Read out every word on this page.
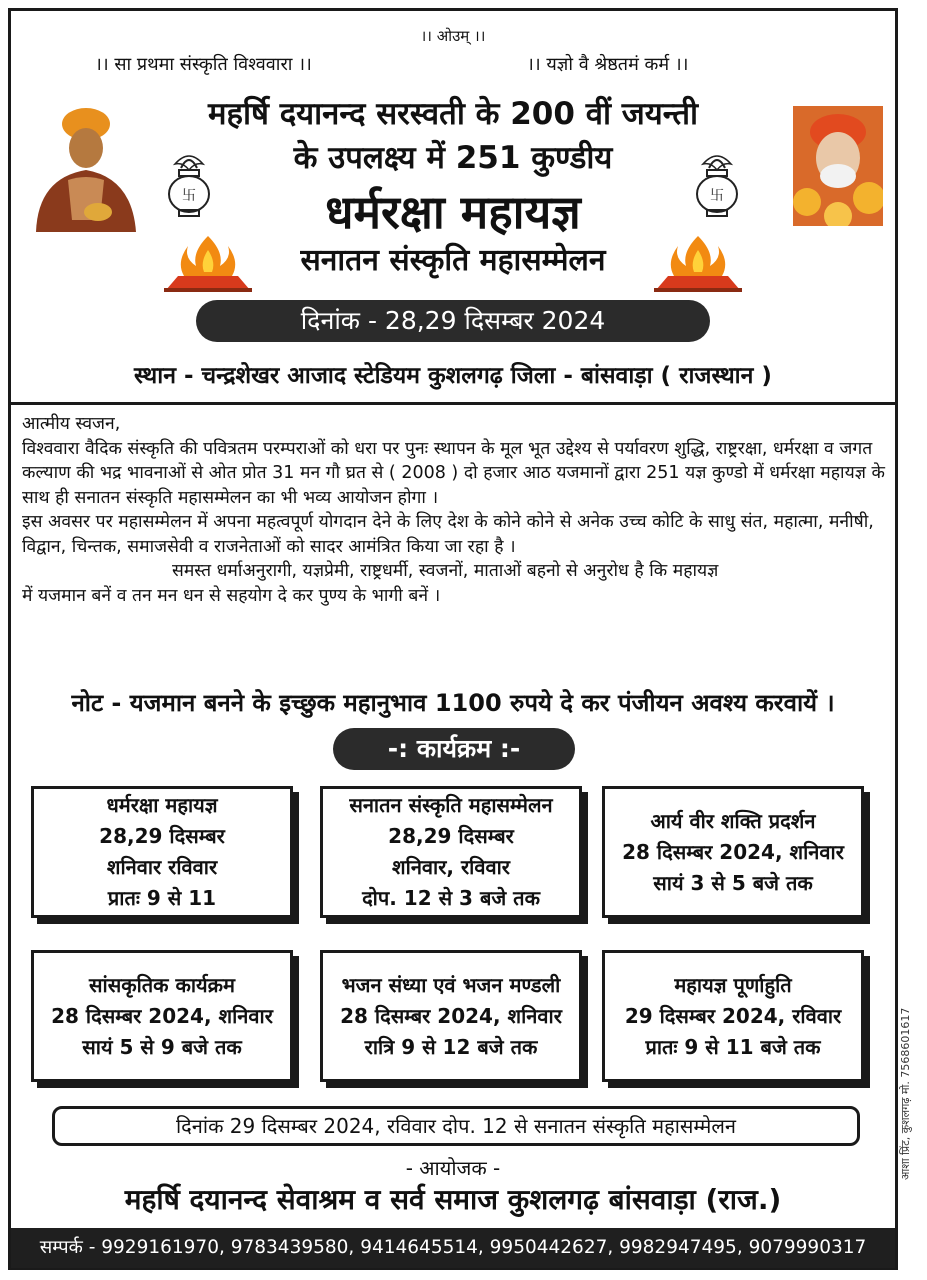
।। ओउम् ।।
।। सा प्रथमा संस्कृति विश्ववारा ।।	।। यज्ञो वै श्रेष्ठतमं कर्म ।।
卐	卐
महर्षि दयानन्द सरस्वती के 200 वीं जयन्ती
के उपलक्ष्य में 251 कुण्डीय
धर्मरक्षा महायज्ञ
सनातन संस्कृति महासम्मेलन
दिनांक - 28,29 दिसम्बर 2024
स्थान - चन्द्रशेखर आजाद स्टेडियम कुशलगढ़ जिला - बांसवाड़ा ( राजस्थान )

आत्मीय स्वजन,

विश्ववारा वैदिक संस्कृति की पवित्रतम परम्पराओं को धरा पर पुनः स्थापन के मूल भूत उद्देश्य से पर्यावरण शुद्धि, राष्ट्ररक्षा, धर्मरक्षा व जगत कल्याण की भद्र भावनाओं से ओत प्रोत 31 मन गौ घ्रत से ( 2008 ) दो हजार आठ यजमानों द्वारा 251 यज्ञ कुण्डो में धर्मरक्षा महायज्ञ के साथ ही सनातन संस्कृति महासम्मेलन का भी भव्य आयोजन होगा ।

इस अवसर पर महासम्मेलन में अपना महत्वपूर्ण योगदान देने के लिए देश के कोने कोने से अनेक उच्च कोटि के साधु संत, महात्मा, मनीषी, विद्वान, चिन्तक, समाजसेवी व राजनेताओं को सादर आमंत्रित किया जा रहा है ।

समस्त धर्माअनुरागी, यज्ञप्रेमी, राष्ट्रधर्मी, स्वजनों, माताओं बहनो से अनुरोध है कि महायज्ञ

में यजमान बनें व तन मन धन से सहयोग दे कर पुण्य के भागी बनें ।

नोट - यजमान बनने के इच्छुक महानुभाव 1100 रुपये दे कर पंजीयन अवश्य करवायें ।
-: कार्यक्रम :-
धर्मरक्षा महायज्ञ
28,29 दिसम्बर
शनिवार रविवार
प्रातः 9 से 11
सनातन संस्कृति महासम्मेलन
28,29 दिसम्बर
शनिवार, रविवार
दोप. 12 से 3 बजे तक
आर्य वीर शक्ति प्रदर्शन
28 दिसम्बर 2024, शनिवार
सायं 3 से 5 बजे तक
सांसकृतिक कार्यक्रम
28 दिसम्बर 2024, शनिवार
सायं 5 से 9 बजे तक
भजन संध्या एवं भजन मण्डली
28 दिसम्बर 2024, शनिवार
रात्रि 9 से 12 बजे तक
महायज्ञ पूर्णाहुति
29 दिसम्बर 2024, रविवार
प्रातः 9 से 11 बजे तक
दिनांक 29 दिसम्बर 2024, रविवार दोप. 12 से सनातन संस्कृति महासम्मेलन
- आयोजक -
महर्षि दयानन्द सेवाश्रम व सर्व समाज कुशलगढ़ बांसवाड़ा (राज.)
सम्पर्क - 9929161970, 9783439580, 9414645514, 9950442627, 9982947495, 9079990317
आशा प्रिंट, कुशलगढ़ मो. 7568601617
